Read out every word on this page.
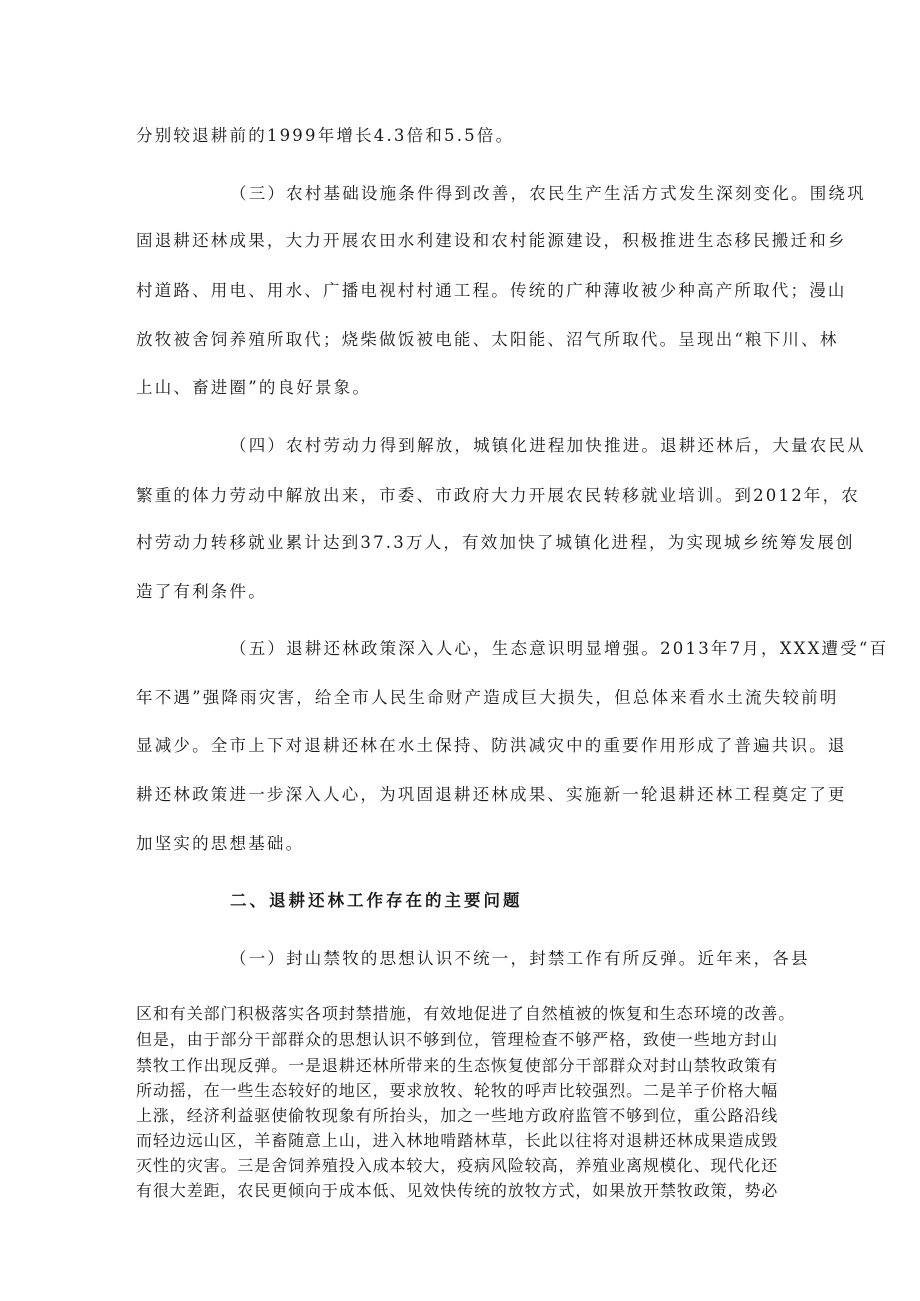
分别较退耕前的1999年增长4.3倍和5.5倍。
（三）农村基础设施条件得到改善，农民生产生活方式发生深刻变化。围绕巩
固退耕还林成果，大力开展农田水利建设和农村能源建设，积极推进生态移民搬迁和乡
村道路、用电、用水、广播电视村村通工程。传统的广种薄收被少种高产所取代；漫山
放牧被舍饲养殖所取代；烧柴做饭被电能、太阳能、沼气所取代。呈现出“粮下川、林
上山、畜进圈”的良好景象。
（四）农村劳动力得到解放，城镇化进程加快推进。退耕还林后，大量农民从
繁重的体力劳动中解放出来，市委、市政府大力开展农民转移就业培训。到2012年，农
村劳动力转移就业累计达到37.3万人，有效加快了城镇化进程，为实现城乡统筹发展创
造了有利条件。
（五）退耕还林政策深入人心，生态意识明显增强。2013年7月，XXX遭受“百
年不遇”强降雨灾害，给全市人民生命财产造成巨大损失，但总体来看水土流失较前明
显减少。全市上下对退耕还林在水土保持、防洪减灾中的重要作用形成了普遍共识。退
耕还林政策进一步深入人心，为巩固退耕还林成果、实施新一轮退耕还林工程奠定了更
加坚实的思想基础。
二、退耕还林工作存在的主要问题
（一）封山禁牧的思想认识不统一，封禁工作有所反弹。近年来，各县
区和有关部门积极落实各项封禁措施，有效地促进了自然植被的恢复和生态环境的改善。
但是，由于部分干部群众的思想认识不够到位，管理检查不够严格，致使一些地方封山
禁牧工作出现反弹。一是退耕还林所带来的生态恢复使部分干部群众对封山禁牧政策有
所动摇，在一些生态较好的地区，要求放牧、轮牧的呼声比较强烈。二是羊子价格大幅
上涨，经济利益驱使偷牧现象有所抬头，加之一些地方政府监管不够到位，重公路沿线
而轻边远山区，羊畜随意上山，进入林地啃踏林草，长此以往将对退耕还林成果造成毁
灭性的灾害。三是舍饲养殖投入成本较大，疫病风险较高，养殖业离规模化、现代化还
有很大差距，农民更倾向于成本低、见效快传统的放牧方式，如果放开禁牧政策，势必
